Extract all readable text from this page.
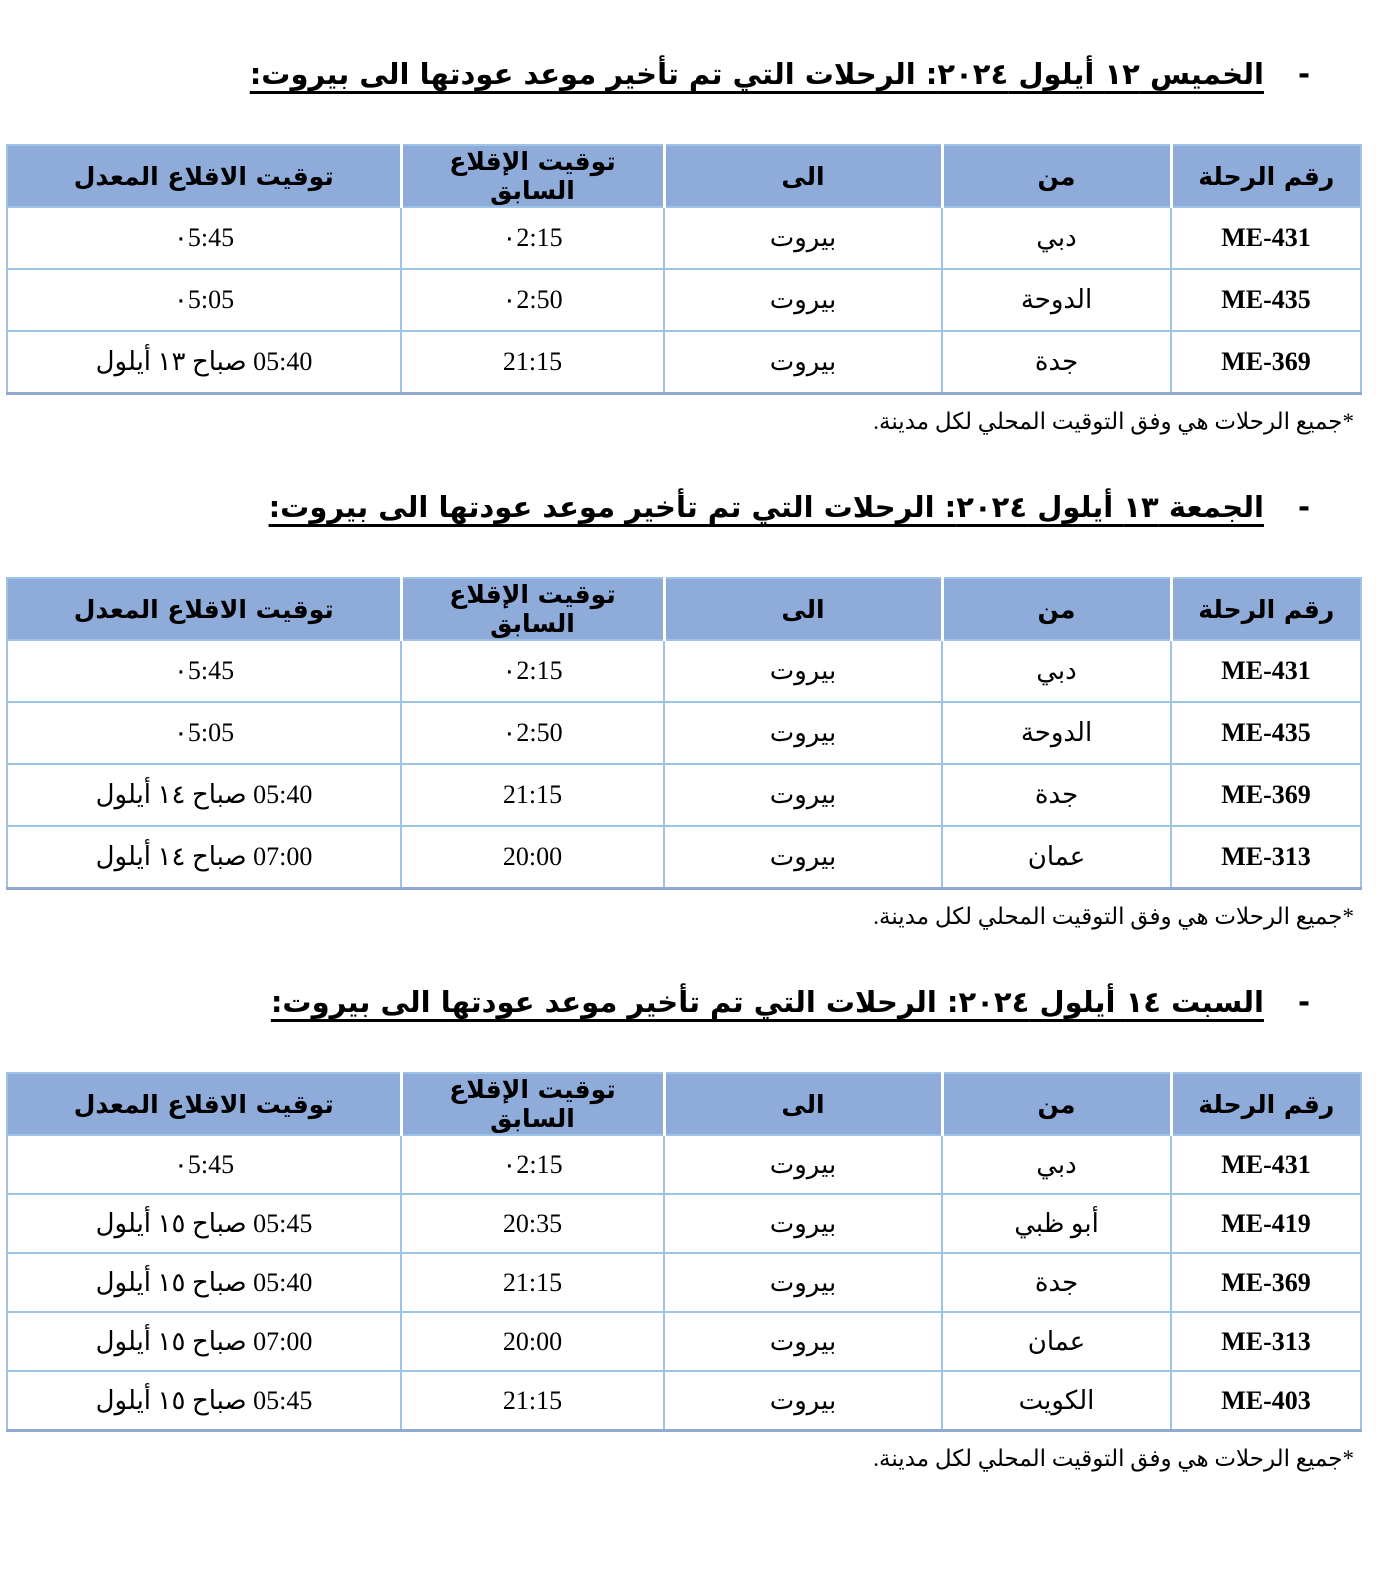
-
الخميس ١٢ أيلول ٢٠٢٤: الرحلات التي تم تأخير موعد عودتها الى بيروت:
رقم الرحلة	من	الى	توقيت الإقلاع السابق	توقيت الاقلاع المعدل
ME-431	دبي	بيروت	٠2:15	٠5:45
ME-435	الدوحة	بيروت	٠2:50	٠5:05
ME-369	جدة	بيروت	21:15	05:40 صباح ١٣ أيلول

*جميع الرحلات هي وفق التوقيت المحلي لكل مدينة.

-
الجمعة ١٣ أيلول ٢٠٢٤: الرحلات التي تم تأخير موعد عودتها الى بيروت:
رقم الرحلة	من	الى	توقيت الإقلاع السابق	توقيت الاقلاع المعدل
ME-431	دبي	بيروت	٠2:15	٠5:45
ME-435	الدوحة	بيروت	٠2:50	٠5:05
ME-369	جدة	بيروت	21:15	05:40 صباح ١٤ أيلول
ME-313	عمان	بيروت	20:00	07:00 صباح ١٤ أيلول

*جميع الرحلات هي وفق التوقيت المحلي لكل مدينة.

-
السبت ١٤ أيلول ٢٠٢٤: الرحلات التي تم تأخير موعد عودتها الى بيروت:
رقم الرحلة	من	الى	توقيت الإقلاع السابق	توقيت الاقلاع المعدل
ME-431	دبي	بيروت	٠2:15	٠5:45
ME-419	أبو ظبي	بيروت	20:35	05:45 صباح ١٥ أيلول
ME-369	جدة	بيروت	21:15	05:40 صباح ١٥ أيلول
ME-313	عمان	بيروت	20:00	07:00 صباح ١٥ أيلول
ME-403	الكويت	بيروت	21:15	05:45 صباح ١٥ أيلول

*جميع الرحلات هي وفق التوقيت المحلي لكل مدينة.
